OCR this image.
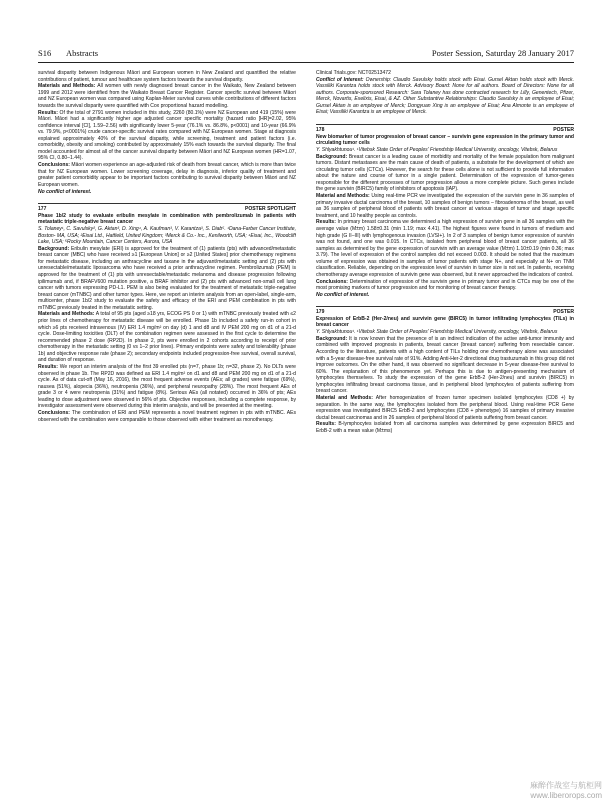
S16 Abstracts	Poster Session, Saturday 28 January 2017

survival disparity between Indigenous Māori and European women in New Zealand and quantified the relative contributions of patient, tumour and healthcare system factors towards the survival disparity.

Materials and Methods: All women with newly diagnosed breast cancer in the Waikato, New Zealand between 1999 and 2012 were identified from the Waikato Breast Cancer Register. Cancer specific survival between Māori and NZ European women was compared using Kaplan-Meier survival curves while contributions of different factors towards the survival disparity were quantified with Cox proportional hazard modelling.

Results: Of the total of 2791 women included in this study, 2260 (80.1%) were NZ European and 419 (15%) were Māori. Māori had a significantly higher age adjusted cancer specific mortality (hazard ratio [HR]=2.02, 95% confidence interval [CI], 1.59–2.56) with significantly lower 5-year (76.1% vs. 86.8%, p<0001) and 10-year (66.9% vs. 79.9%, p<0001%) crude cancer-specific survival rates compared with NZ European women. Stage at diagnosis explained approximately 40% of the survival disparity, while screening, treatment and patient factors (i.e. comorbidity, obesity and smoking) contributed by approximately 15% each towards the survival disparity. The final model accounted for almost all of the cancer survival disparity between Māori and NZ European women (HR=1.07, 95% CI, 0.80–1.44).

Conclusions: Māori women experience an age-adjusted risk of death from breast cancer, which is more than twice that for NZ European women. Lower screening coverage, delay in diagnosis, inferior quality of treatment and greater patient comorbidity appear to be important factors contributing to survival disparity between Māori and NZ European women.

No conflict of interest.

177	POSTER SPOTLIGHT

Phase 1b/2 study to evaluate eribulin mesylate in combination with pembrolizumab in patients with metastatic triple-negative breast cancer

S. Tolaney¹, C. Savulsky², G. Aktan³, D. Xing⁴, A. Kaufman³, V. Karantza³, S. Diab⁵. ¹Dana-Farber Cancer Institute, Boston- MA, USA; ²Eisai Ltd., Hatfield, United Kingdom; ³Merck & Co.- Inc., Kenilworth, USA; ⁴Eisai, Inc., Woodcliff Lake, USA; ⁵Rocky Mountain, Cancer Centers, Aurora, USA

Background: Eribulin mesylate (ERI) is approved for the treatment of (1) patients (pts) with advanced/metastatic breast cancer (MBC) who have received ≥1 [European Union] or ≥2 [United States] prior chemotherapy regimens for metastatic disease, including an anthracycline and taxane in the adjuvant/metastatic setting and (2) pts with unresectable/metastatic liposarcoma who have received a prior anthracycline regimen. Pembrolizumab (PEM) is approved for the treatment of (1) pts with unresectable/metastatic melanoma and disease progression following ipilimumab and, if BRAFV600 mutation positive, a BRAF inhibitor and (2) pts with advanced non-small cell lung cancer with tumors expressing PD-L1. PEM is also being evaluated for the treatment of metastatic triple-negative breast cancer (mTNBC) and other tumor types. Here, we report an interim analysis from an open-label, single-arm, multicenter, phase 1b/2 study to evaluate the safety and efficacy of the ERI and PEM combination in pts with mTNBC previously treated in the metastatic setting.

Materials and Methods: A total of 95 pts (aged ≥18 yrs, ECOG PS 0 or 1) with mTNBC previously treated with ≤2 prior lines of chemotherapy for metastatic disease will be enrolled. Phase 1b included a safety run-in cohort in which ≥6 pts received intravenous (IV) ERI 1.4 mg/m² on day (d) 1 and d8 and IV PEM 200 mg on d1 of a 21-d cycle. Dose-limiting toxicities (DLT) of the combination regimen were assessed in the first cycle to determine the recommended phase 2 dose (RP2D). In phase 2, pts were enrolled in 2 cohorts according to receipt of prior chemotherapy in the metastatic setting (0 vs 1–2 prior lines). Primary endpoints were safety and tolerability (phase 1b) and objective response rate (phase 2); secondary endpoints included progression-free survival, overall survival, and duration of response.

Results: We report an interim analysis of the first 39 enrolled pts (n=7, phase 1b; n=32, phase 2). No DLTs were observed in phase 1b. The RP2D was defined as ERI 1.4 mg/m² on d1 and d8 and PEM 200 mg on d1 of a 21-d cycle. As of data cut-off (May 16, 2016), the most frequent adverse events (AEs; all grades) were fatigue (69%), nausea (51%), alopecia (36%), neutropenia (36%), and peripheral neuropathy (28%). The most frequent AEs of grade 3 or 4 were neutropenia (31%) and fatigue (8%). Serious AEs (all notated) occurred in 36% of pts; AEs leading to dose adjustment were observed in 56% of pts. Objective responses, including a complete response, by investigator assessment were observed during this interim analysis, and will be presented at the meeting.

Conclusions: The combination of ERI and PEM represents a novel treatment regimen in pts with mTNBC. AEs observed with the combination were comparable to those observed with either treatment as monotherapy.

Clinical Trials.gov: NCT02513472

Conflict of Interest: Ownership: Claudio Savulsky holds stock with Eisai. Gursel Aktan holds stock with Merck. Vassiliki Karantza holds stock with Merck. Advisory Board: None for all authors. Board of Directors: None for all authors. Corporate-sponsored Research: Sara Tolaney has done contracted research for Lilly, Genentech, Pfizer, Merck, Novartis, Exelixis, Eisai, & AZ. Other Substantive Relationships: Claudio Savulsky is an employee of Eisai; Gursel Aktan is an employee of Merck; Dongyuan Xing is an employee of Eisai; Ana Almonte is an employee of Eisai; Vassiliki Karantza is an employee of Merck.

178	POSTER

New biomarker of tumor progression of breast cancer – survivin gene expression in the primary tumor and circulating tumor cells

Y. Shlyakhtunou¹. ¹Vitebsk State Order of Peoples' Friendship Medical University, oncology, Vitebsk, Belarus

Background: Breast cancer is a leading cause of morbidity and mortality of the female population from malignant tumors. Distant metastases are the main cause of death of patients, a substrate for the development of which are circulating tumor cells (CTCs). However, the search for these cells alone is not sufficient to provide full information about the nature and course of tumor in a single patient. Determination of the expression of tumor-genes responsible for the different processes of tumor progression allows a more complete picture. Such genes include the gene survivin (BIRC5) family of inhibitors of apoptosis (IAP).

Material and Methods: Using real-time PCR we investigated the expression of the survivin gene in 36 samples of primary invasive ductal carcinoma of the breast, 10 samples of benign tumors – fibroadenoma of the breast, as well as 36 samples of peripheral blood of patients with breast cancer at various stages of tumor and stage specific treatment, and 10 healthy people as controls.

Results: In primary breast carcinoma we determined a high expression of survivin gene in all 36 samples with the average value (M±m) 1.58±0.31 (min 1.19; max 4.41). The highest figures were found in tumors of medium and high grade (G II–III) with lymphogenous invasion (LVSI+). In 2 of 3 samples of benign tumor expression of survivin was not found, and one was 0.015. In CTCs, isolated from peripheral blood of breast cancer patients, all 36 samples as determined by the gene expression of survivin with an average value (M±m) 1.10±0.19 (min 0.36; max 3.79). The level of expression of the control samples did not exceed 0.003. It should be noted that the maximum volume of expression was obtained in samples of tumor patients with stage N+, and especially at N+ on TNM classification. Reliable, depending on the expression level of survivin in tumor size is not set. In patients, receiving chemotherapy average expression of survivin gene was observed, but it never approached the indicators of control.

Conclusions: Determination of expression of the survivin gene in primary tumor and in CTCs may be one of the most promising markers of tumor progression and for monitoring of breast cancer therapy.

No conflict of interest.

179	POSTER

Expression of ErbB-2 (Her-2/neu) and survivin gene (BIRC5) in tumor infiltrating lymphocytes (TILs) in breast cancer

Y. Shlyakhtunou¹. ¹Vitebsk State Order of Peoples' Friendship Medical University, oncology, Vitebsk, Belarus

Background: It is now known that the presence of is an indirect indication of the active anti-tumor immunity and combined with improved prognosis in patients, breast cancer (breast cancer) suffering from resectable cancer. According to the literature, patients with a high content of TILs holding one chemotherapy alone was associated with a 5-year disease-free survival rate of 91%. Adding Anti-Her-2 directional drug trastuzumab in this group did not improve outcomes. On the other hand, it was observed no significant decrease in 5-year disease-free survival to 60%. The explanation of this phenomenon yet. Perhaps this is due to antigen-presenting mechanism of lymphocytes themselves. To study the expression of the gene ErbB-2 (Her-2/neu) and survivin (BIRC5) in lymphocytes infiltrating breast carcinoma tissue, and in peripheral blood lymphocytes of patients suffering from breast cancer.

Material and Methods: After homogenization of frozen tumor specimen isolated lymphocytes (CD8 +) by separation. In the same way, the lymphocytes isolated from the peripheral blood. Using real-time PCR Gene expression was investigated BIRC5 ErbB-2 and lymphocytes (CD8 + phenotype) 16 samples of primary invasive ductal breast carcinomas and in 26 samples of peripheral blood of patients suffering from breast cancer.

Results: B-lymphocytes isolated from all carcinoma samples was determined by gene expression BIRC5 and ErbB-2 with a mean value (M±ms)

麻醉作战室与航柜网
www.liberorops.com
